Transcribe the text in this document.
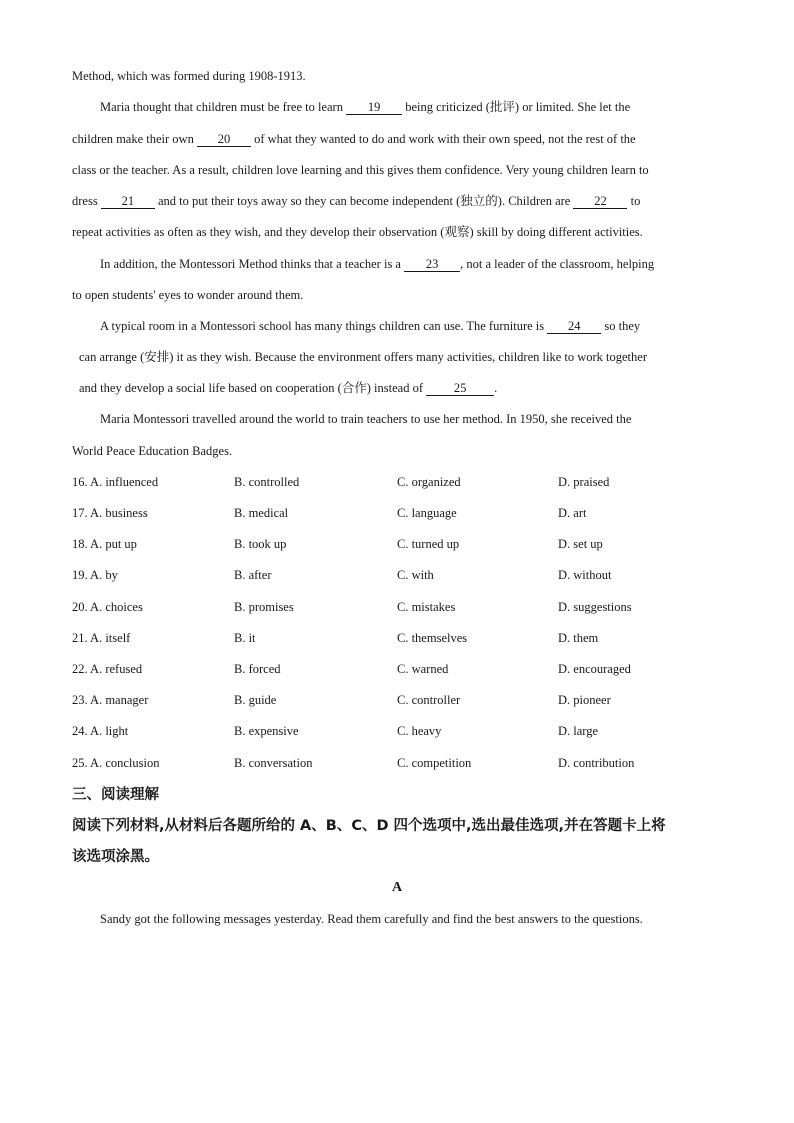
Method, which was formed during 1908-1913.
Maria thought that children must be free to learn 19 being criticized (批评) or limited. She let the
children make their own 20 of what they wanted to do and work with their own speed, not the rest of the
class or the teacher. As a result, children love learning and this gives them confidence. Very young children learn to
dress 21 and to put their toys away so they can become independent (独立的). Children are 22 to
repeat activities as often as they wish, and they develop their observation (观察) skill by doing different activities.
In addition, the Montessori Method thinks that a teacher is a 23 , not a leader of the classroom, helping
to open students' eyes to wonder around them.
A typical room in a Montessori school has many things children can use. The furniture is 24 so they
can arrange (安排) it as they wish. Because the environment offers many activities, children like to work together
and they develop a social life based on cooperation (合作) instead of 25 .
Maria Montessori travelled around the world to train teachers to use her method. In 1950, she received the
World Peace Education Badges.
16. A. influenced	B. controlled	C. organized	D. praised
17. A. business	B. medical	C. language	D. art
18. A. put up	B. took up	C. turned up	D. set up
19. A. by	B. after	C. with	D. without
20. A. choices	B. promises	C. mistakes	D. suggestions
21. A. itself	B. it	C. themselves	D. them
22. A. refused	B. forced	C. warned	D. encouraged
23. A. manager	B. guide	C. controller	D. pioneer
24. A. light	B. expensive	C. heavy	D. large
25. A. conclusion	B. conversation	C. competition	D. contribution
三、阅读理解
阅读下列材料,从材料后各题所给的 A、B、C、D 四个选项中,选出最佳选项,并在答题卡上将
该选项涂黑。
A
Sandy got the following messages yesterday. Read them carefully and find the best answers to the questions.
